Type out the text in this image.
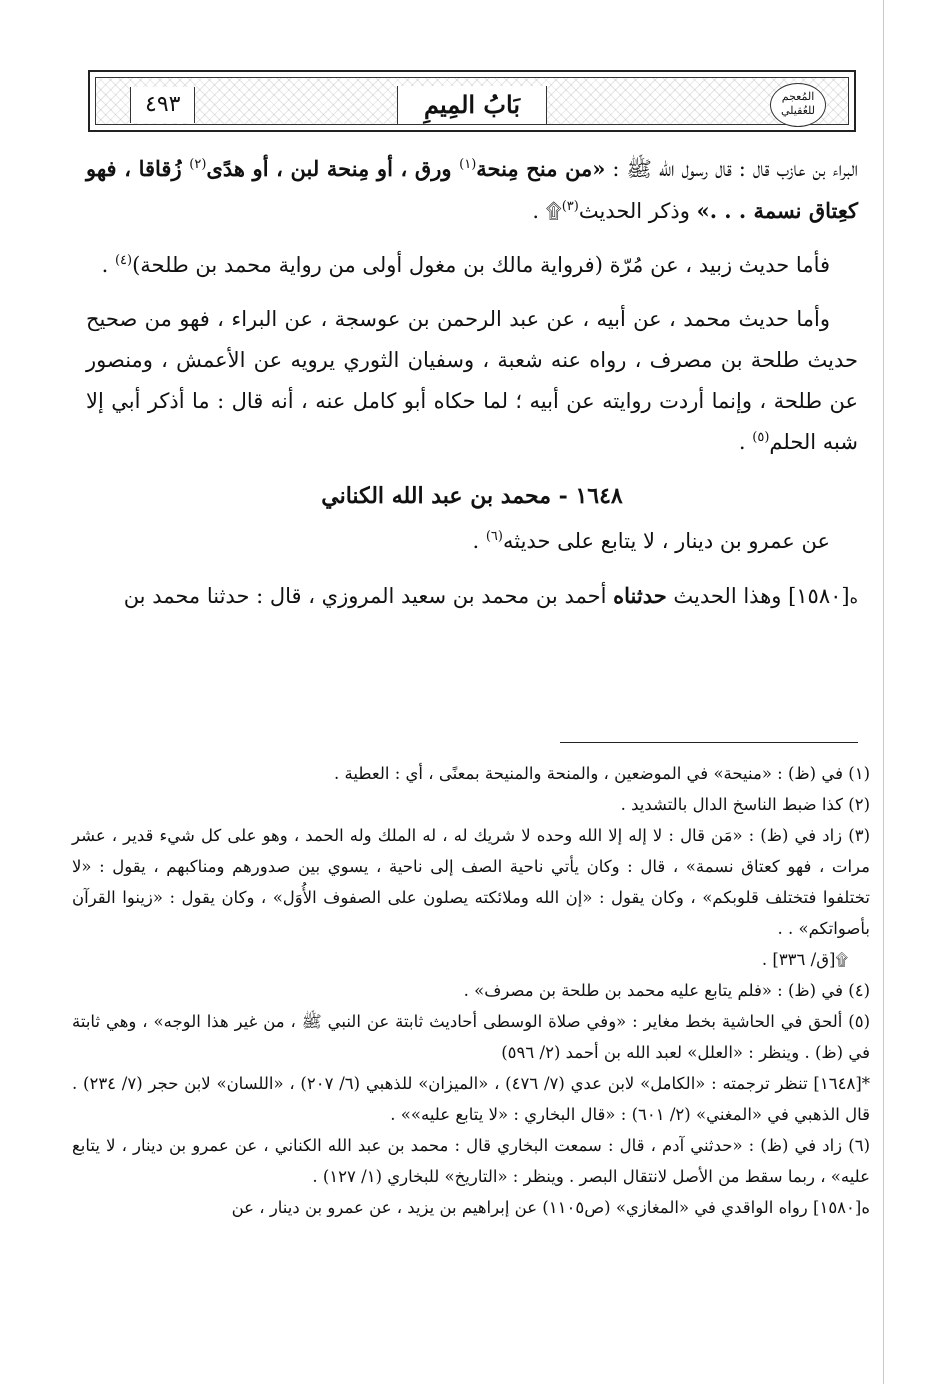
المُعجم للعُقيلي
بَابُ المِيمِ
٤٩٣

البراء بن عازب قال : قال رسول الله ﷺ : «من منح مِنحة$^{(١)}$ ورق ، أو مِنحة لبن ، أو هدًى$^{(٢)}$ زُقاقا ، فهو كعِتاق نسمة . . .» وذكر الحديث$^{(٣)}$۩ .

فأما حديث زبيد ، عن مُرّة (فرواية مالك بن مغول أولى من رواية محمد بن طلحة)$^{(٤)}$ .

وأما حديث محمد ، عن أبيه ، عن عبد الرحمن بن عوسجة ، عن البراء ، فهو من صحيح حديث طلحة بن مصرف ، رواه عنه شعبة ، وسفيان الثوري يرويه عن الأعمش ، ومنصور عن طلحة ، وإنما أردت روايته عن أبيه ؛ لما حكاه أبو كامل عنه ، أنه قال : ما أذكر أبي إلا شبه الحلم$^{(٥)}$ .

١٦٤٨ - محمد بن عبد الله الكناني

عن عمرو بن دينار ، لا يتابع على حديثه$^{(٦)}$ .

ه[١٥٨٠] وهذا الحديث حدثناه أحمد بن محمد بن سعيد المروزي ، قال : حدثنا محمد بن

(١) في (ظ) : «منيحة» في الموضعين ، والمنحة والمنيحة بمعنًى ، أي : العطية .

(٢) كذا ضبط الناسخ الدال بالتشديد .

(٣) زاد في (ظ) : «مَن قال : لا إله إلا الله وحده لا شريك له ، له الملك وله الحمد ، وهو على كل شيء قدير ، عشر مرات ، فهو كعتاق نسمة» ، قال : وكان يأتي ناحية الصف إلى ناحية ، يسوي بين صدورهم ومناكبهم ، يقول : «لا تختلفوا فتختلف قلوبكم» ، وكان يقول : «إن الله وملائكته يصلون على الصفوف الأُوَل» ، وكان يقول : «زينوا القرآن بأصواتكم» . .

۩[ق/ ٣٣٦] .

(٤) في (ظ) : «فلم يتابع عليه محمد بن طلحة بن مصرف» .

(٥) ألحق في الحاشية بخط مغاير : «وفي صلاة الوسطى أحاديث ثابتة عن النبي ﷺ ، من غير هذا الوجه» ، وهي ثابتة في (ظ) . وينظر : «العلل» لعبد الله بن أحمد (٢/ ٥٩٦)

*[١٦٤٨] تنظر ترجمته : «الكامل» لابن عدي (٧/ ٤٧٦) ، «الميزان» للذهبي (٦/ ٢٠٧) ، «اللسان» لابن حجر (٧/ ٢٣٤) . قال الذهبي في «المغني» (٢/ ٦٠١) : «قال البخاري : «لا يتابع عليه»» .

(٦) زاد في (ظ) : «حدثني آدم ، قال : سمعت البخاري قال : محمد بن عبد الله الكناني ، عن عمرو بن دينار ، لا يتابع عليه» ، ربما سقط من الأصل لانتقال البصر . وينظر : «التاريخ» للبخاري (١/ ١٢٧) .

ه[١٥٨٠] رواه الواقدي في «المغازي» (ص١١٠٥) عن إبراهيم بن يزيد ، عن عمرو بن دينار ، عن
